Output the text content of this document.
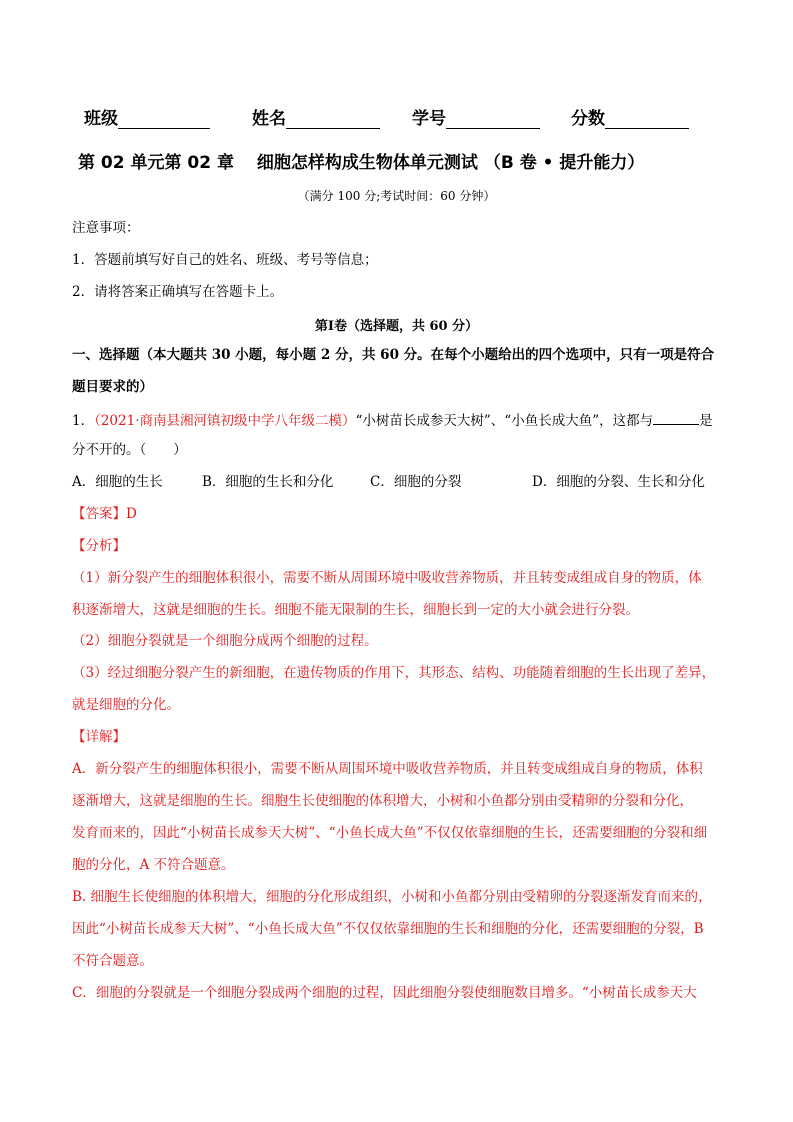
班级	姓名	学号	分数
第 02 单元第 02 章　 细胞怎样构成生物体单元测试 （B 卷 • 提升能力）
（满分 100 分;考试时间：60 分钟）
注意事项：
1．答题前填写好自己的姓名、班级、考号等信息；
2．请将答案正确填写在答题卡上。
第Ⅰ卷（选择题，共 60 分）
一、选择题（本大题共 30 小题，每小题 2 分，共 60 分。在每个小题给出的四个选项中，只有一项是符合
题目要求的）
1．（2021·商南县湘河镇初级中学八年级二模）“小树苗长成参天大树”、“小鱼长成大鱼”，这都与	是
分不开的。（　　）
A．细胞的生长	B．细胞的生长和分化	C．细胞的分裂	D．细胞的分裂、生长和分化
【答案】D
【分析】
（1）新分裂产生的细胞体积很小，需要不断从周围环境中吸收营养物质，并且转变成组成自身的物质，体
积逐渐增大，这就是细胞的生长。细胞不能无限制的生长，细胞长到一定的大小就会进行分裂。
（2）细胞分裂就是一个细胞分成两个细胞的过程。
（3）经过细胞分裂产生的新细胞，在遗传物质的作用下，其形态、结构、功能随着细胞的生长出现了差异，
就是细胞的分化。
【详解】
A．新分裂产生的细胞体积很小，需要不断从周围环境中吸收营养物质，并且转变成组成自身的物质，体积
逐渐增大，这就是细胞的生长。细胞生长使细胞的体积增大，小树和小鱼都分别由受精卵的分裂和分化，
发育而来的，因此“小树苗长成参天大树”、“小鱼长成大鱼”不仅仅依靠细胞的生长，还需要细胞的分裂和细
胞的分化，A 不符合题意。
B. 细胞生长使细胞的体积增大，细胞的分化形成组织，小树和小鱼都分别由受精卵的分裂逐渐发育而来的，
因此“小树苗长成参天大树”、“小鱼长成大鱼”不仅仅依靠细胞的生长和细胞的分化，还需要细胞的分裂，B
不符合题意。
C．细胞的分裂就是一个细胞分裂成两个细胞的过程，因此细胞分裂使细胞数目增多。“小树苗长成参天大
